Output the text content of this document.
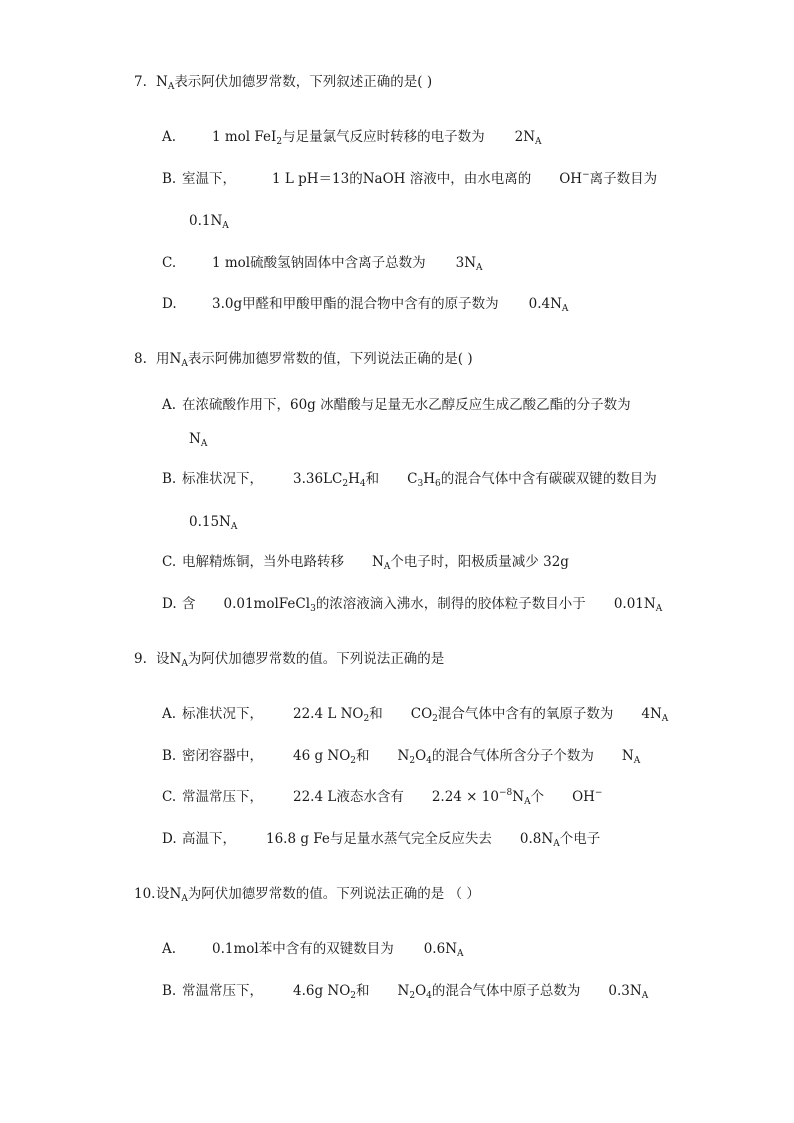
7. $N_A$表示阿伏加德罗常数，下列叙述正确的是( )
A.	1 mol FeI$_2$与足量氯气反应时转移的电子数为 $2N_A$
B. 室温下，	1 L pH＝13的NaOH 溶液中，由水电离的 OH−离子数目为
$0.1N_A$
C.	1 mol硫酸氢钠固体中含离子总数为 $3N_A$
D.	3.0g甲醛和甲酸甲酯的混合物中含有的原子数为 $0.4N_A$
8. 用$N_A$表示阿佛加德罗常数的值，下列说法正确的是( )
A. 在浓硫酸作用下，60g 冰醋酸与足量无水乙醇反应生成乙酸乙酯的分子数为
$N_A$
B. 标准状况下， $3.36LC_2H_4$和 $C_3H_6$的混合气体中含有碳碳双键的数目为
$0.15N_A$
C. 电解精炼铜，当外电路转移 $N_A$个电子时，阳极质量减少 32g
D. 含 0.01molFeCl$_3$的浓溶液滴入沸水，制得的胶体粒子数目小于 $0.01N_A$
9. 设$N_A$为阿伏加德罗常数的值。下列说法正确的是
A. 标准状况下， 22.4 L $NO_2$和 $CO_2$混合气体中含有的氧原子数为 $4N_A$
B. 密闭容器中， 46 g $NO_2$和 $N_2O_4$的混合气体所含分子个数为 $N_A$
C. 常温常压下， 22.4 L液态水含有 $2.24 \times 10^{-8}N_A$个 OH−
D. 高温下， 16.8 g Fe与足量水蒸气完全反应失去 $0.8N_A$个电子
10.设$N_A$为阿伏加德罗常数的值。下列说法正确的是 （ ）
A.	0.1mol苯中含有的双键数目为 $0.6N_A$
B. 常温常压下， 4.6g $NO_2$和 $N_2O_4$的混合气体中原子总数为 $0.3N_A$
